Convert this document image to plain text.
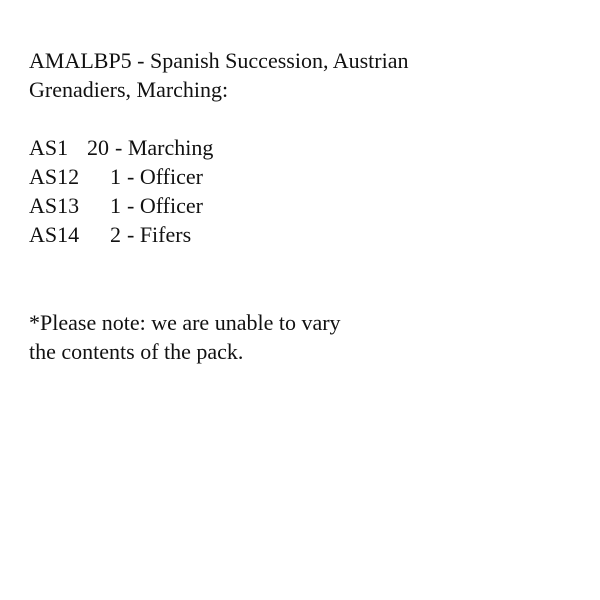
AMALBP5 - Spanish Succession, Austrian
Grenadiers, Marching:
AS1 20 - Marching
AS12	1 - Officer
AS13	1 - Officer
AS14	2 - Fifers

*Please note: we are unable to vary
the contents of the pack.
